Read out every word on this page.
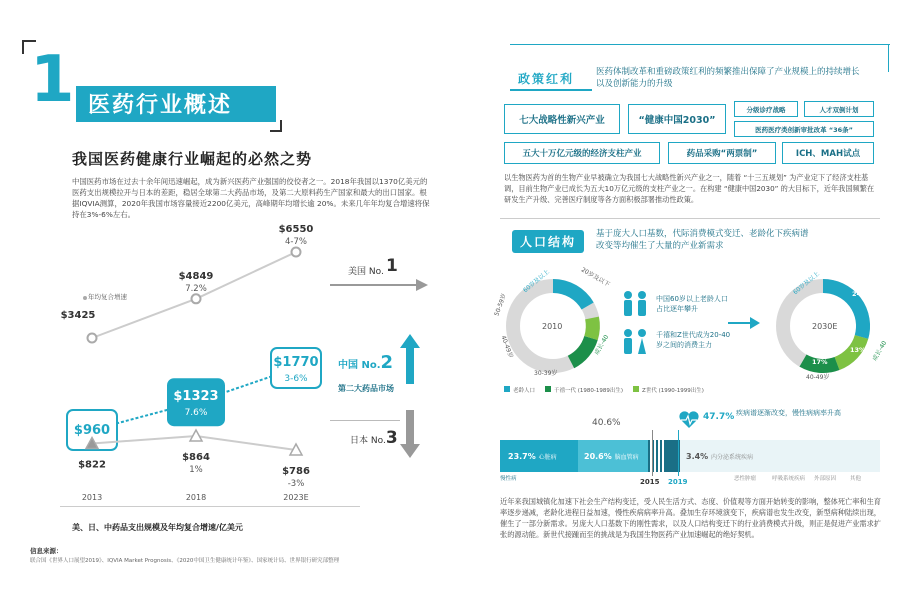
1 医药行业概述
我国医药健康行业崛起的必然之势
中国医药市场在过去十余年间迅速崛起，成为新兴医药产业强国的佼佼者之一。2018年我国以1370亿美元的医药支出规模拉开与日本的差距，稳居全球第二大药品市场，及第二大原料药生产国家和最大的出口国家。根据IQVIA测算，2020年我国市场容量接近2200亿美元，高峰期年均增长逾 20%。未来几年年均复合增速将保持在3%-6%左右。
$3425
$4849
7.2%
$6550
4-7%
$960
$1323
7.6%
$1770
3-6%
$822
$864
1%	$786
-3%
2013	2018	2023E
年均复合增速
美国 No. 1
中国 No.2
第二大药品市场
日本 No.3
美、日、中药品支出规模及年均复合增速/亿美元
信息来源：
联合国《世界人口展望2019》、IQVIA Market Prognosis、《2020中国卫生健康统计年鉴》、国家统计局、世界银行研究部整理
政策红利	医药体制改革和重磅政策红利的频繁推出保障了产业规模上的持续增长以及创新能力的升级
七大战略性新兴产业	“健康中国2030”
分级诊疗战略	人才双倒计划
医药医疗类创新审批改革 “36条”
五大十万亿元级的经济支柱产业	药品采购“两票制”	ICH、MAH试点
以生物医药为首的生物产业早被确立为我国七大战略性新兴产业之一，随着 “十三五规划” 为产业定下了经济支柱基调，目前生物产业已成长为五大10万亿元级的支柱产业之一。在构建 “健康中国2030” 的大目标下，近年我国频繁在研发生产升级、完善医疗制度等各方面积极部署推动性政策。
人口结构
基于庞大人口基数，代际消费模式变迁、老龄化下疾病谱改变等均催生了大量的产业新需求
2010
60岁及以上	20岁及以下
成长-40
40-49岁
30-39岁
50-59岁	中国60岁以上老龄人口占比逐年攀升
千禧和Z世代成为20-40岁之间的消费主力
2030E
60岁及以上	24%
17%
13% 成长-40
40-49岁
老龄人口	千禧一代 (1980-1989出生)	Z世代 (1990-1999出生)
40.6%
47.7% 疾病谱逐渐改变，慢性病病率升高
23.7% 心脏病	20.6% 脑血管病	3.4% 内分泌系统疾病
慢性病	恶性肿瘤	呼吸系统疾病	外部原因	其他
2015 2019
近年来我国城镇化加速下社会生产结构变迁，受人民生活方式、态度、价值观等方面开始转变的影响，整体死亡率和生育率逐步递减，老龄化进程日益加速，慢性疾病病率升高。叠加生存环境演变下，疾病谱也发生改变，新型病种陆续出现，催生了一部分新需求。另庞大人口基数下的刚性需求，以及人口结构变迁下的行业消费模式升级，则正是促进产业需求扩张的源动能。新世代接踵而至的挑战是为我国生物医药产业加速崛起的绝好契机。
